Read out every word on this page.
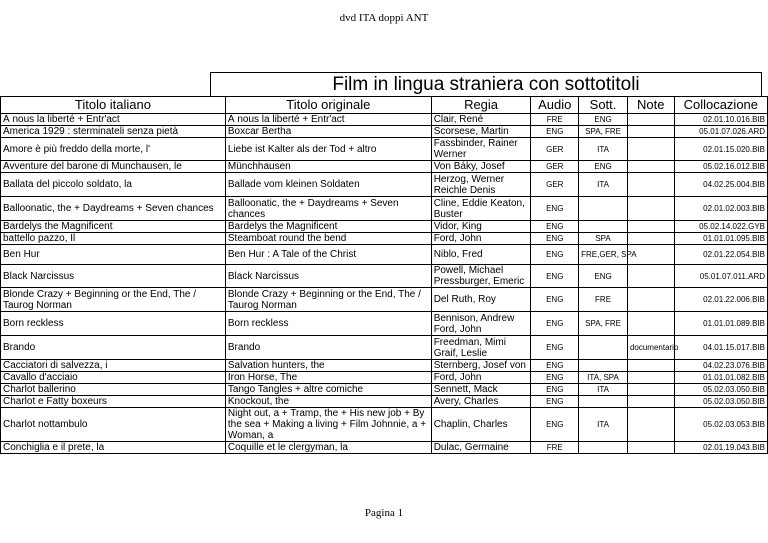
dvd ITA doppi ANT
Film in lingua straniera con sottotitoli
Titolo italiano	Titolo originale	Regia	Audio	Sott.	Note	Collocazione
À nous la liberté + Entr'act	À nous la liberté + Entr'act	Clair, René	FRE	ENG		02.01.10.016.BIB
America 1929 : sterminateli senza pietà	Boxcar Bertha	Scorsese, Martin	ENG	SPA, FRE		05.01.07.026.ARD
Amore è più freddo della morte, l'	Liebe ist Kalter als der Tod + altro	Fassbinder, Rainer Werner	GER	ITA		02.01.15.020.BIB
Avventure del barone di Munchausen, le	Münchhausen	Von Báky, Josef	GER	ENG		05.02.16.012.BIB
Ballata del piccolo soldato, la	Ballade vom kleinen Soldaten	Herzog, Werner Reichle Denis	GER	ITA		04.02.25.004.BIB
Balloonatic, the + Daydreams + Seven chances	Balloonatic, the + Daydreams + Seven chances	Cline, Eddie Keaton, Buster	ENG			02.01.02.003.BIB
Bardelys the Magnificent	Bardelys the Magnificent	Vidor, King	ENG			05.02.14.022.GYB
battello pazzo, Il	Steamboat round the bend	Ford, John	ENG	SPA		01.01.01.095.BIB
Ben Hur	Ben Hur : A Tale of the Christ	Niblo, Fred	ENG	FRE,GER, SPA		02.01.22.054.BIB
Black Narcissus	Black Narcissus	Powell, Michael Pressburger, Emeric	ENG	ENG		05.01.07.011.ARD
Blonde Crazy + Beginning or the End, The / Taurog Norman	Blonde Crazy + Beginning or the End, The / Taurog Norman	Del Ruth, Roy	ENG	FRE		02.01.22.006.BIB
Born reckless	Born reckless	Bennison, Andrew Ford, John	ENG	SPA, FRE		01.01.01.089.BIB
Brando	Brando	Freedman, Mimi Graif, Leslie	ENG		documentario	04.01.15.017.BIB
Cacciatori di salvezza, i	Salvation hunters, the	Sternberg, Josef von	ENG			04.02.23.076.BIB
Cavallo d'acciaio	Iron Horse, The	Ford, John	ENG	ITA, SPA		01.01.01.082.BIB
Charlot ballerino	Tango Tangles + altre comiche	Sennett, Mack	ENG	ITA		05.02.03.050.BIB
Charlot e Fatty boxeurs	Knockout, the	Avery, Charles	ENG			05.02.03.050.BIB
Charlot nottambulo	Night out, a + Tramp, the + His new job + By the sea + Making a living + Film Johnnie, a + Woman, a	Chaplin, Charles	ENG	ITA		05.02.03.053.BIB
Conchiglia e il prete, la	Coquille et le clergyman, la	Dulac, Germaine	FRE			02.01.19.043.BIB
Pagina 1
